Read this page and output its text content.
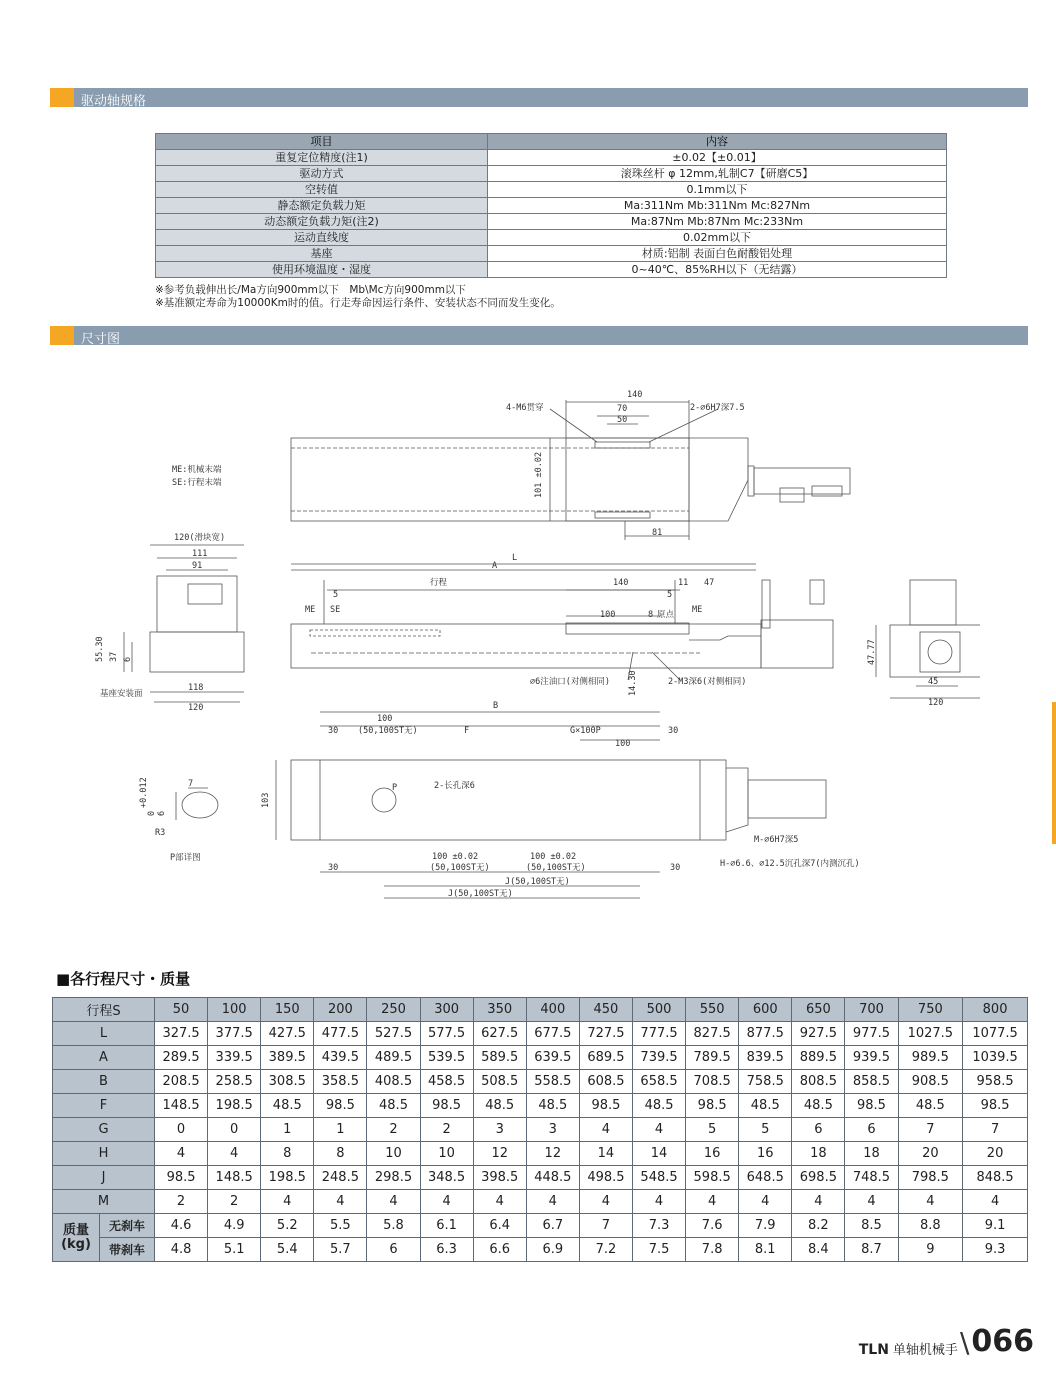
驱动轴规格
项目	内容
重复定位精度(注1)	±0.02【±0.01】
驱动方式	滚珠丝杆 φ 12mm,轧制C7【研磨C5】
空转值	0.1mm以下
静态额定负载力矩	Ma:311Nm Mb:311Nm Mc:827Nm
动态额定负载力矩(注2)	Ma:87Nm Mb:87Nm Mc:233Nm
运动直线度	0.02mm以下
基座	材质:铝制 表面白色耐酸铝处理
使用环境温度・湿度	0~40℃、85%RH以下（无结露）
※参考负载伸出长/Ma方向900mm以下　Mb\Mc方向900mm以下
※基准额定寿命为10000Km时的值。行走寿命因运行条件、安装状态不同而发生变化。
尺寸图
140
70
50
4-M6贯穿	2-∅6H7深7.5
81
ME:机械末端
SE:行程末端	101 ±0.02
L
A
行程	140	11 47
5	5
ME SE	100	8 原点 ME
∅6注油口(对侧相同)	2-M3深6(对侧相同)
14.30
120(滑块宽)
111
91
118
120
基座安装面
55.30 37 6
45
120
47.77
B
30
100
(50,100ST无)	F	G×100P	30
100
P	2-长孔深6
30	30
100 ±0.02
(50,100ST无)
100 ±0.02
(50,100ST无)
J(50,100ST无)
J(50,100ST无)
M-∅6H7深5
H-∅6.6、∅12.5沉孔深7(内测沉孔)
103
7
R3
P部详图
+0.012
0 6
■各行程尺寸・质量
行程S		50	100	150	200	250	300	350	400	450	500	550	600	650	700	750	800
L		327.5	377.5	427.5	477.5	527.5	577.5	627.5	677.5	727.5	777.5	827.5	877.5	927.5	977.5	1027.5	1077.5
A		289.5	339.5	389.5	439.5	489.5	539.5	589.5	639.5	689.5	739.5	789.5	839.5	889.5	939.5	989.5	1039.5
B		208.5	258.5	308.5	358.5	408.5	458.5	508.5	558.5	608.5	658.5	708.5	758.5	808.5	858.5	908.5	958.5
F		148.5	198.5	48.5	98.5	48.5	98.5	48.5	48.5	98.5	48.5	98.5	48.5	48.5	98.5	48.5	98.5
G		0	0	1	1	2	2	3	3	4	4	5	5	6	6	7	7
H		4	4	8	8	10	10	12	12	14	14	16	16	18	18	20	20
J		98.5	148.5	198.5	248.5	298.5	348.5	398.5	448.5	498.5	548.5	598.5	648.5	698.5	748.5	798.5	848.5
M		2	2	4	4	4	4	4	4	4	4	4	4	4	4	4	4

质量
(kg)	无刹车	4.6	4.9	5.2	5.5	5.8	6.1	6.4	6.7	7	7.3	7.6	7.9	8.2	8.5	8.8	9.1
	带刹车	4.8	5.1	5.4	5.7	6	6.3	6.6	6.9	7.2	7.5	7.8	8.1	8.4	8.7	9	9.3
TLN 单轴机械手 \ 066
